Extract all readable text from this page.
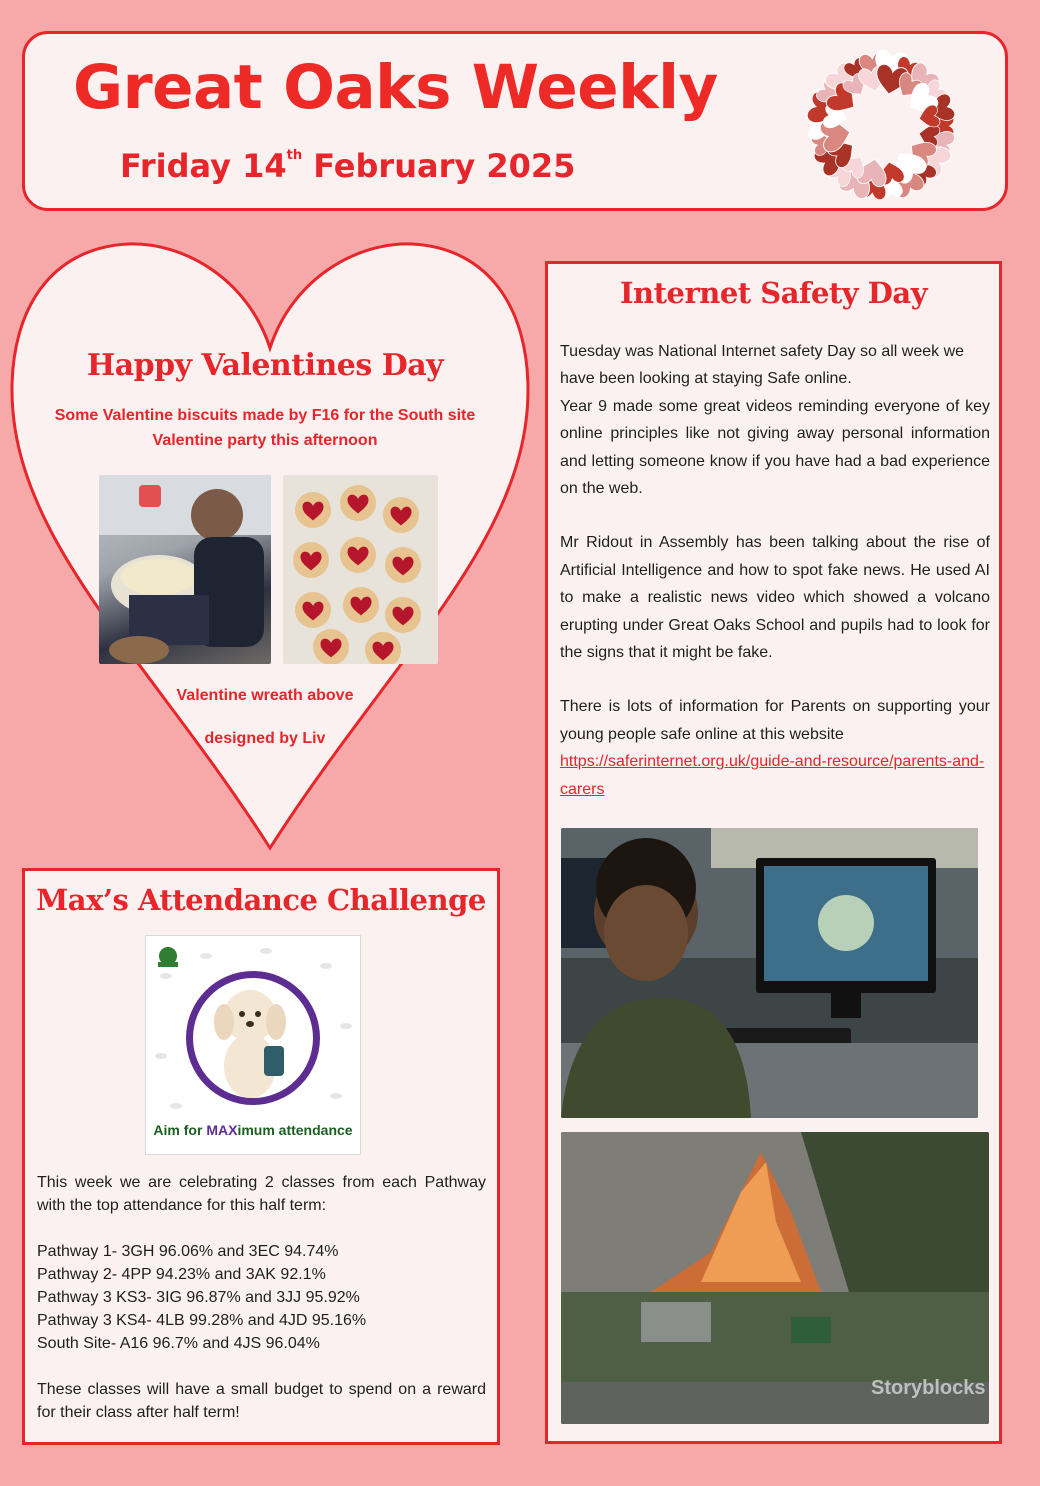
Great Oaks Weekly
Friday 14th February 2025
Happy Valentines Day
Some Valentine biscuits made by F16 for the South site
Valentine party this afternoon
Valentine wreath above
designed by Liv
Max’s Attendance Challenge
Aim for MAXimum attendance

This week we are celebrating 2 classes from each Pathway with the top attendance for this half term:

Pathway 1- 3GH 96.06% and 3EC 94.74%

Pathway 2- 4PP 94.23% and 3AK 92.1%

Pathway 3 KS3- 3IG 96.87% and 3JJ 95.92%

Pathway 3 KS4- 4LB 99.28% and 4JD 95.16%

South Site- A16 96.7% and 4JS 96.04%

These classes will have a small budget to spend on a reward for their class after half term!

Internet Safety Day

Tuesday was National Internet safety Day so all week we have been looking at staying Safe online.

Year 9 made some great videos reminding everyone of key online principles like not giving away personal information and letting someone know if you have had a bad experience on the web.

Mr Ridout in Assembly has been talking about the rise of Artificial Intelligence and how to spot fake news. He used AI to make a realistic news video which showed a volcano erupting under Great Oaks School and pupils had to look for the signs that it might be fake.

There is lots of information for Parents on supporting your young people safe online at this website

https://saferinternet.org.uk/guide-and-resource/parents-and-carers

Storyblocks
